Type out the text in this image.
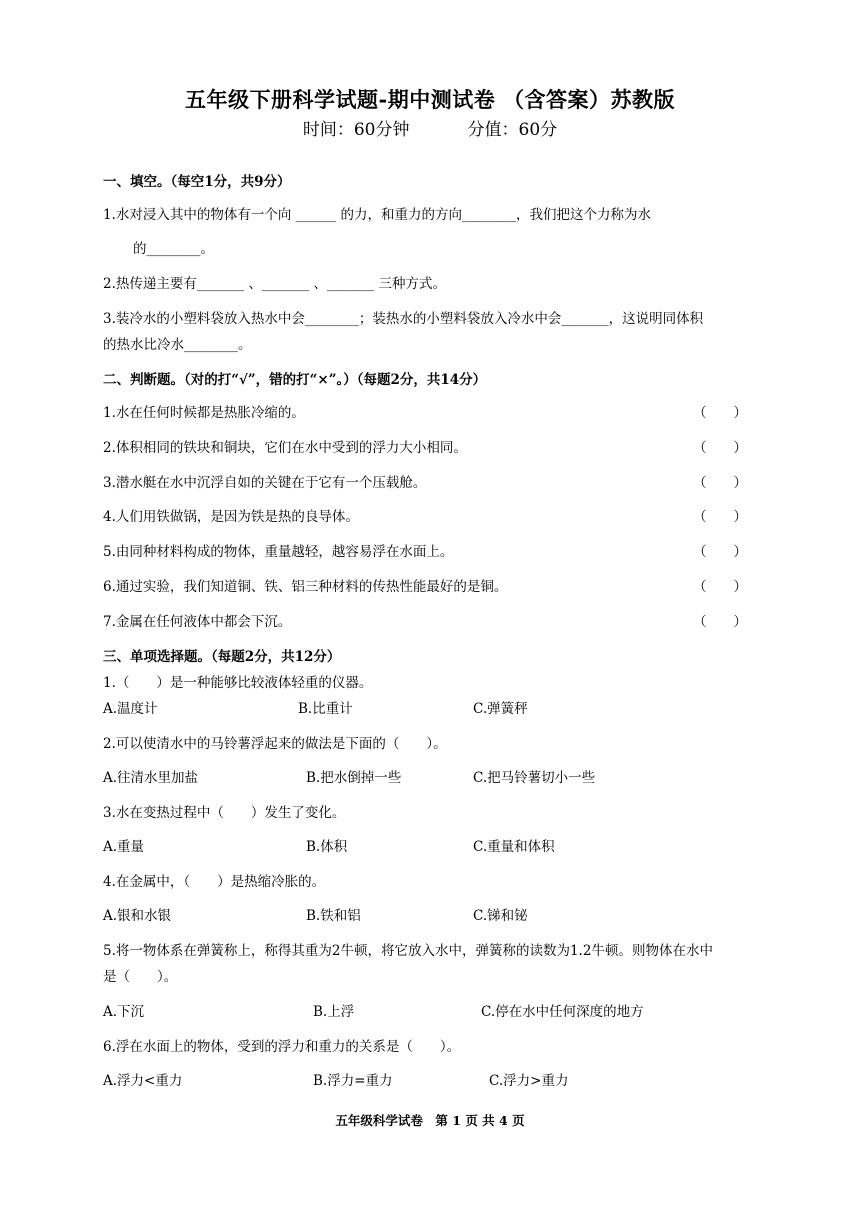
五年级下册科学试题-期中测试卷 （含答案）苏教版
时间：60分钟	分值：60分
一、填空。（每空1分，共9分）
1.水对浸入其中的物体有一个向 ______ 的力，和重力的方向________，我们把这个力称为水
的________。
2.热传递主要有_______ 、_______ 、_______ 三种方式。
3.装冷水的小塑料袋放入热水中会________；装热水的小塑料袋放入冷水中会_______，这说明同体积
的热水比冷水________。
二、判断题。（对的打“√”，错的打“×”。）（每题2分，共14分）
1.水在任何时候都是热胀冷缩的。	（　　）
2.体积相同的铁块和铜块，它们在水中受到的浮力大小相同。	（　　）
3.潜水艇在水中沉浮自如的关键在于它有一个压载舱。	（　　）
4.人们用铁做锅，是因为铁是热的良导体。	（　　）
5.由同种材料构成的物体，重量越轻，越容易浮在水面上。	（　　）
6.通过实验，我们知道铜、铁、铝三种材料的传热性能最好的是铜。	（　　）
7.金属在任何液体中都会下沉。	（　　）
三、单项选择题。（每题2分，共12分）
1.（　　）是一种能够比较液体轻重的仪器。
A.温度计	B.比重计	C.弹簧秤
2.可以使清水中的马铃薯浮起来的做法是下面的（　　）。
A.往清水里加盐	B.把水倒掉一些	C.把马铃薯切小一些
3.水在变热过程中（　　）发生了变化。
A.重量	B.体积	C.重量和体积
4.在金属中，（　　）是热缩冷胀的。
A.银和水银	B.铁和铝	C.锑和铋
5.将一物体系在弹簧称上，称得其重为2牛顿，将它放入水中，弹簧称的读数为1.2牛顿。则物体在水中
是（　　）。
A.下沉	B.上浮	C.停在水中任何深度的地方
6.浮在水面上的物体，受到的浮力和重力的关系是（　　）。
A.浮力<重力	B.浮力=重力	C.浮力>重力
五年级科学试卷　第 1 页 共 4 页
